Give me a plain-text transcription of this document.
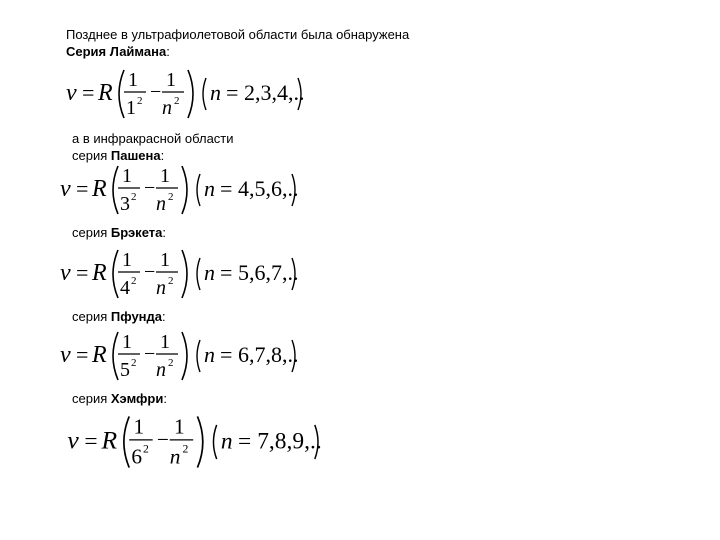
Позднее в ультрафиолетовой области была обнаружена
Серия Лаймана:
ν = R 1
1 2 −
1
n 2 n = 2,3,4,..
а в инфракрасной области
серия Пашена:
ν = R 1
3 2 −
1
n 2 n = 4,5,6,..
серия Брэкета:
ν = R 1
4 2 −
1
n 2 n = 5,6,7,..
серия Пфунда:
ν = R 1
5 2 −
1
n 2 n = 6,7,8,..
серия Хэмфри:
ν = R 1
6 2 −
1
n 2 n = 7,8,9,..
